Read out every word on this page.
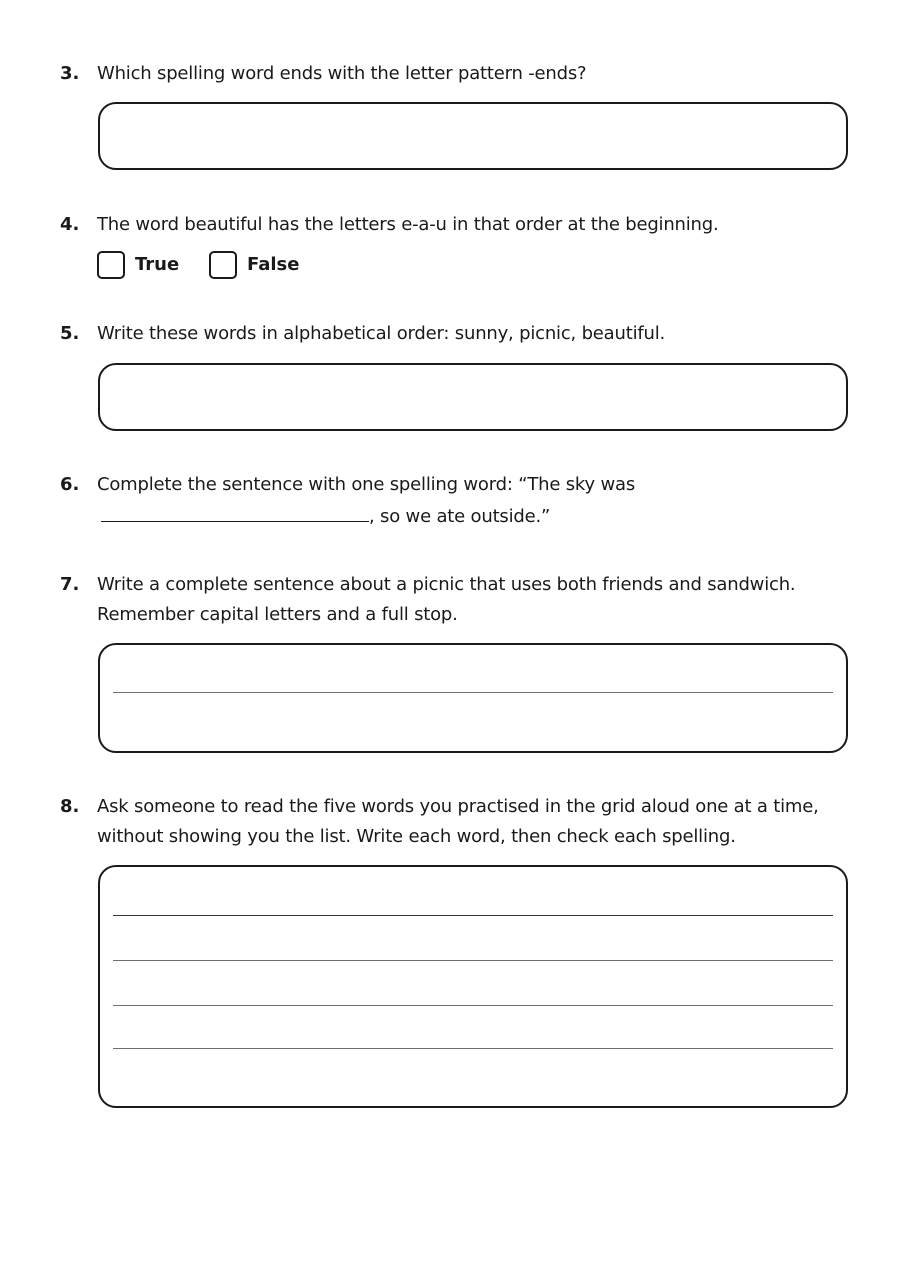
3. Which spelling word ends with the letter pattern -ends?
4. The word beautiful has the letters e-a-u in that order at the beginning.
True	False
5. Write these words in alphabetical order: sunny, picnic, beautiful.
6. Complete the sentence with one spelling word: “The sky was
, so we ate outside.”
7. Write a complete sentence about a picnic that uses both friends and sandwich.
Remember capital letters and a full stop.
8. Ask someone to read the five words you practised in the grid aloud one at a time,
without showing you the list. Write each word, then check each spelling.
